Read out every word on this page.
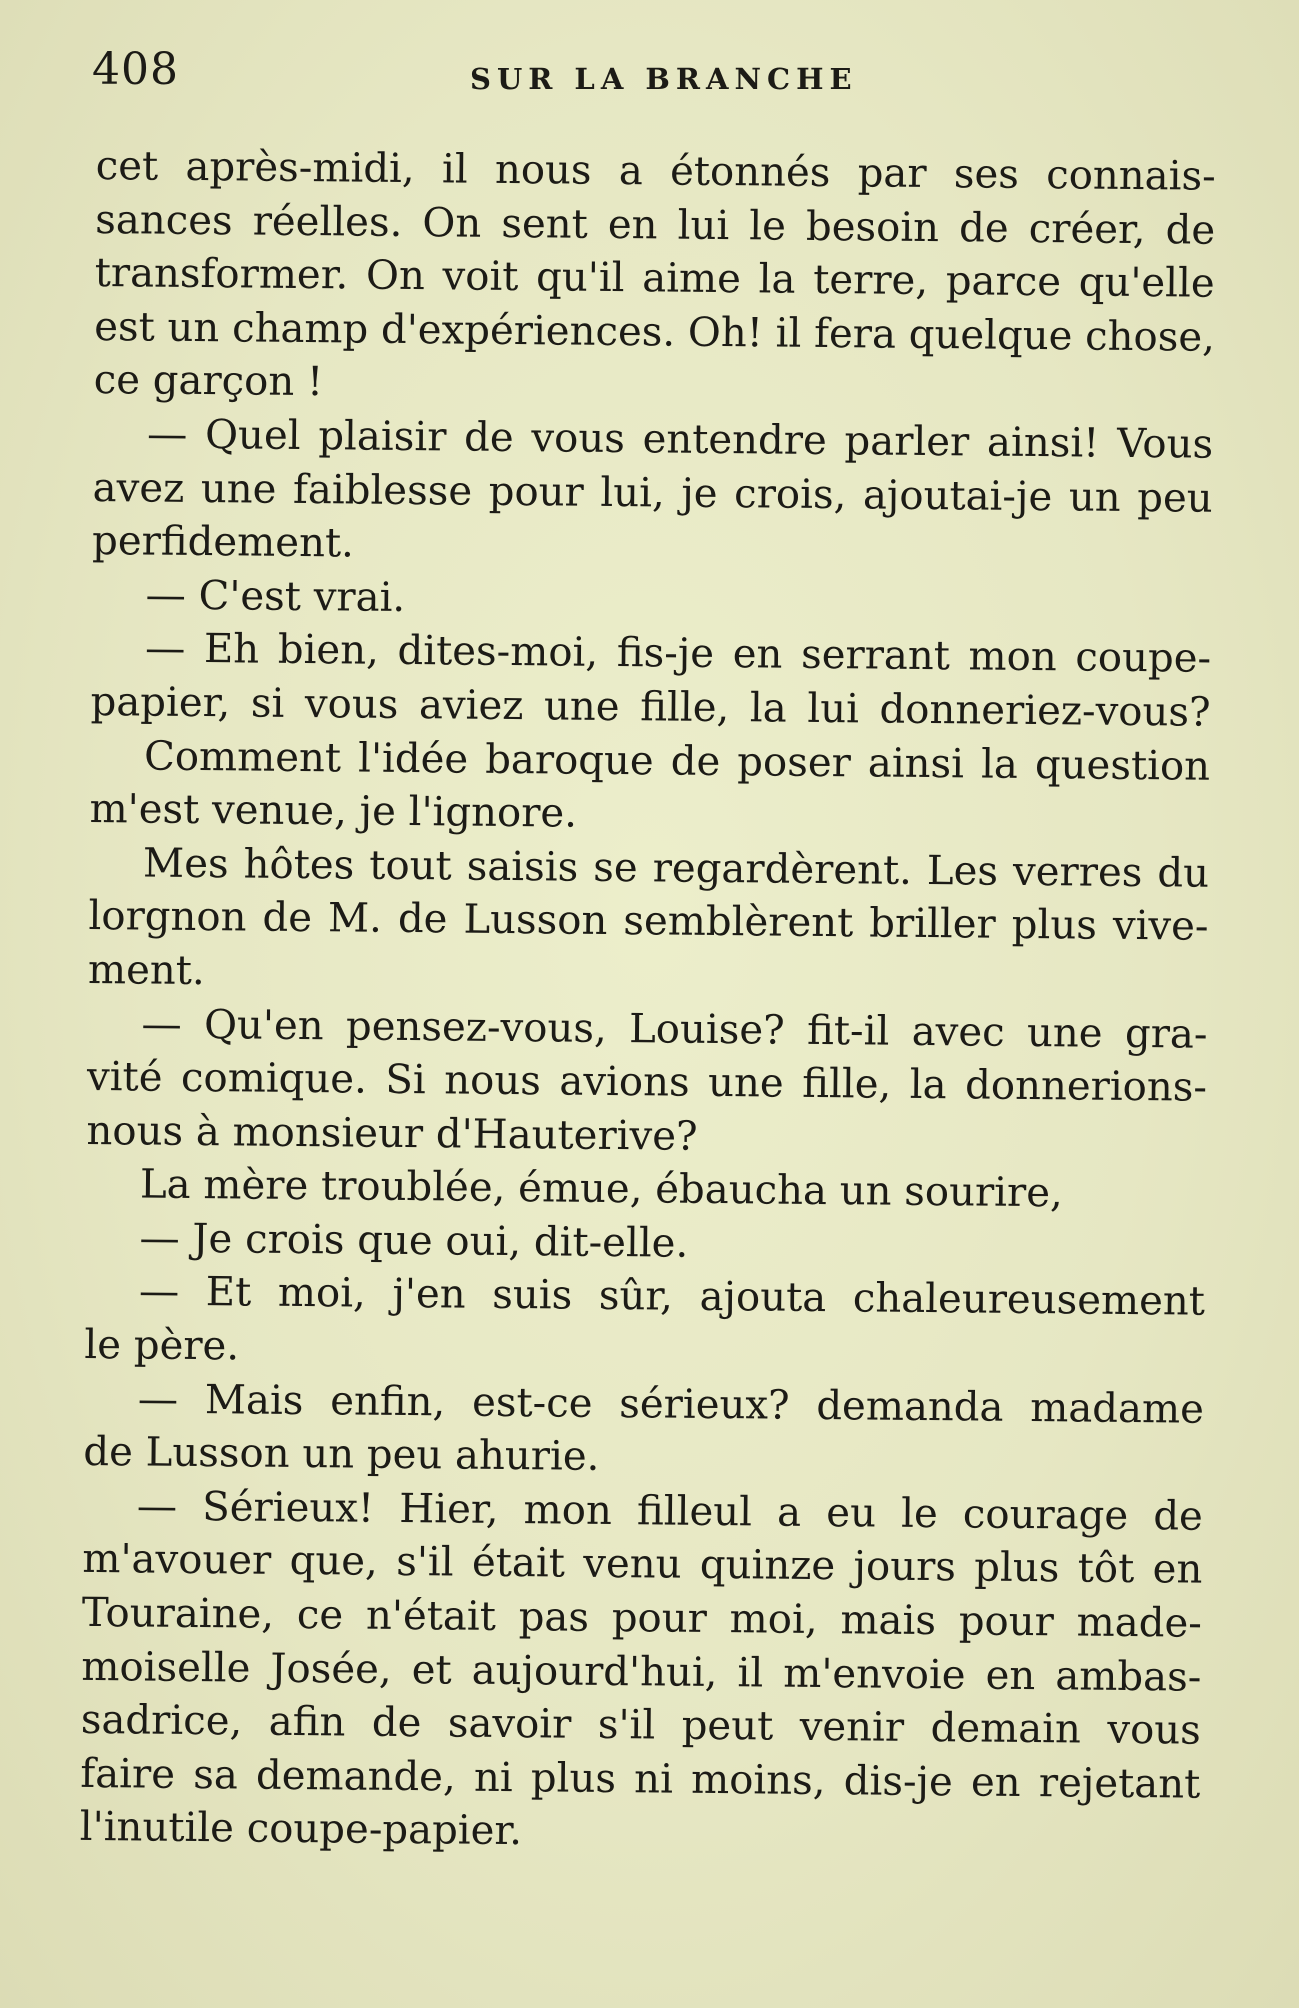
408	SUR LA BRANCHE
cet après-midi, il nous a étonnés par ses connais-
sances réelles. On sent en lui le besoin de créer, de
transformer. On voit qu'il aime la terre, parce qu'elle
est un champ d'expériences. Oh! il fera quelque chose,
ce garçon !
— Quel plaisir de vous entendre parler ainsi! Vous
avez une faiblesse pour lui, je crois, ajoutai-je un peu
perfidement.
— C'est vrai.
— Eh bien, dites-moi, fis-je en serrant mon coupe-
papier, si vous aviez une fille, la lui donneriez-vous?
Comment l'idée baroque de poser ainsi la question
m'est venue, je l'ignore.
Mes hôtes tout saisis se regardèrent. Les verres du
lorgnon de M. de Lusson semblèrent briller plus vive-
ment.
— Qu'en pensez-vous, Louise? fit-il avec une gra-
vité comique. Si nous avions une fille, la donnerions-
nous à monsieur d'Hauterive?
La mère troublée, émue, ébaucha un sourire,
— Je crois que oui, dit-elle.
— Et moi, j'en suis sûr, ajouta chaleureusement
le père.
— Mais enfin, est-ce sérieux? demanda madame
de Lusson un peu ahurie.
— Sérieux! Hier, mon filleul a eu le courage de
m'avouer que, s'il était venu quinze jours plus tôt en
Touraine, ce n'était pas pour moi, mais pour made-
moiselle Josée, et aujourd'hui, il m'envoie en ambas-
sadrice, afin de savoir s'il peut venir demain vous
faire sa demande, ni plus ni moins, dis-je en rejetant
l'inutile coupe-papier.
